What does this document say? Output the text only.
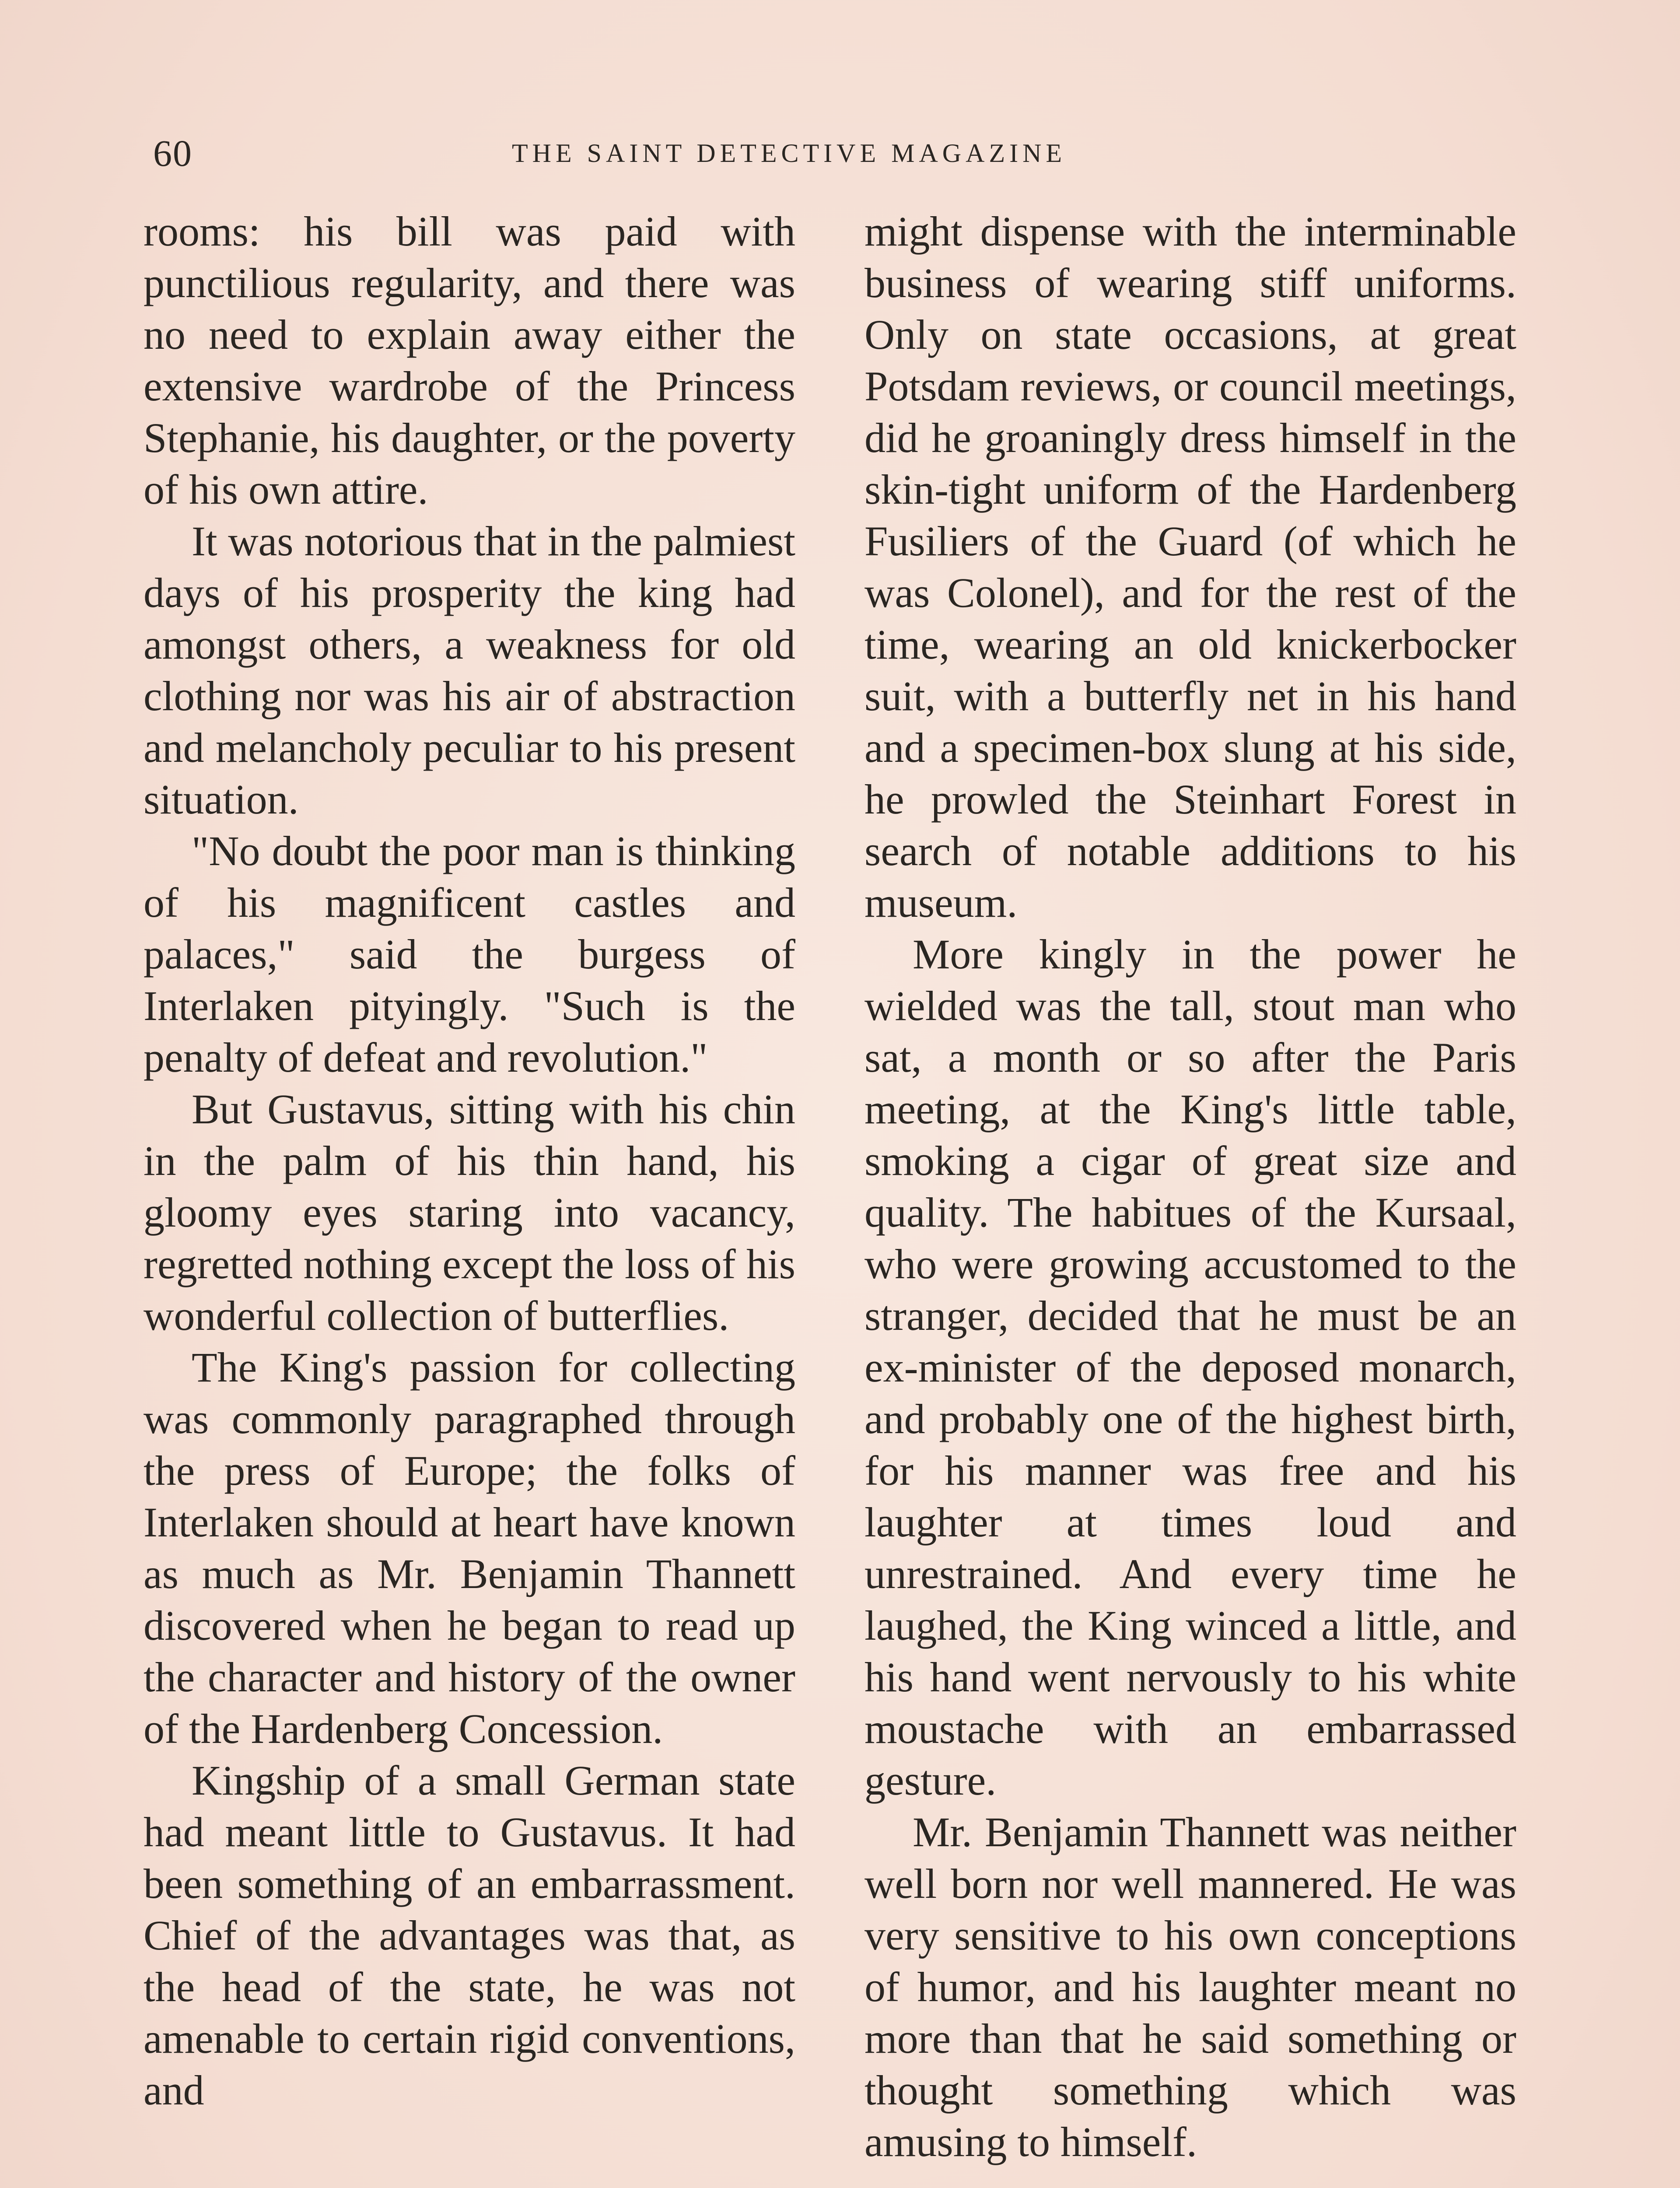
60	THE SAINT DETECTIVE MAGAZINE

rooms: his bill was paid with punctilious regularity, and there was no need to explain away either the extensive wardrobe of the Princess Stephanie, his daughter, or the poverty of his own attire.

It was notorious that in the palmiest days of his prosperity the king had amongst others, a weakness for old clothing nor was his air of abstraction and melancholy peculiar to his present situation.

"No doubt the poor man is thinking of his magnificent castles and palaces," said the burgess of Interlaken pityingly. "Such is the penalty of defeat and revolution."

But Gustavus, sitting with his chin in the palm of his thin hand, his gloomy eyes staring into vacancy, regretted nothing except the loss of his wonderful collection of butterflies.

The King's passion for collecting was commonly paragraphed through the press of Europe; the folks of Interlaken should at heart have known as much as Mr. Benjamin Thannett discovered when he began to read up the character and history of the owner of the Hardenberg Concession.

Kingship of a small German state had meant little to Gustavus. It had been something of an embarrassment. Chief of the advantages was that, as the head of the state, he was not amenable to certain rigid conventions, and

might dispense with the interminable business of wearing stiff uniforms. Only on state occasions, at great Potsdam reviews, or council meetings, did he groaningly dress himself in the skin-tight uniform of the Hardenberg Fusiliers of the Guard (of which he was Colonel), and for the rest of the time, wearing an old knickerbocker suit, with a butterfly net in his hand and a specimen-box slung at his side, he prowled the Steinhart Forest in search of notable additions to his museum.

More kingly in the power he wielded was the tall, stout man who sat, a month or so after the Paris meeting, at the King's little table, smoking a cigar of great size and quality. The habitues of the Kursaal, who were growing accustomed to the stranger, decided that he must be an ex-minister of the deposed monarch, and probably one of the highest birth, for his manner was free and his laughter at times loud and unrestrained. And every time he laughed, the King winced a little, and his hand went nervously to his white moustache with an embarrassed gesture.

Mr. Benjamin Thannett was neither well born nor well mannered. He was very sensitive to his own conceptions of humor, and his laughter meant no more than that he said something or thought something which was amusing to himself.
